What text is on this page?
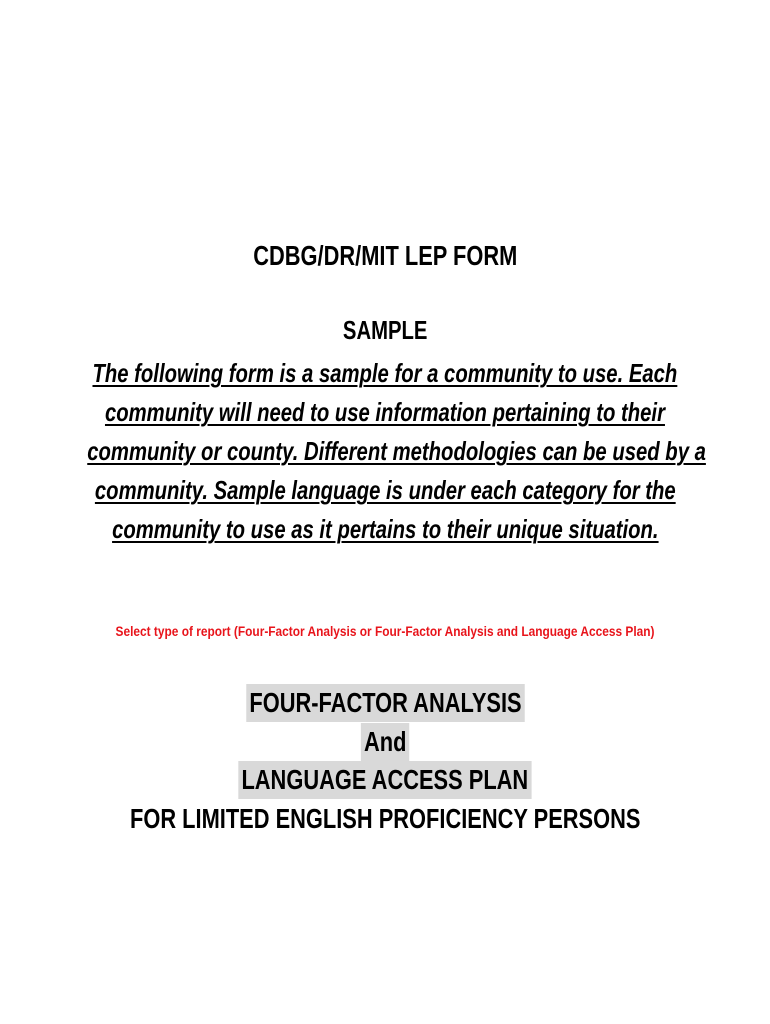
CDBG/DR/MIT LEP FORM
SAMPLE
The following form is a sample for a community to use. Each
community will need to use information pertaining to their
community or county. Different methodologies can be used by a
community. Sample language is under each category for the
community to use as it pertains to their unique situation.
Select type of report (Four-Factor Analysis or Four-Factor Analysis and Language Access Plan)
FOUR-FACTOR ANALYSIS
And
LANGUAGE ACCESS PLAN
FOR LIMITED ENGLISH PROFICIENCY PERSONS
